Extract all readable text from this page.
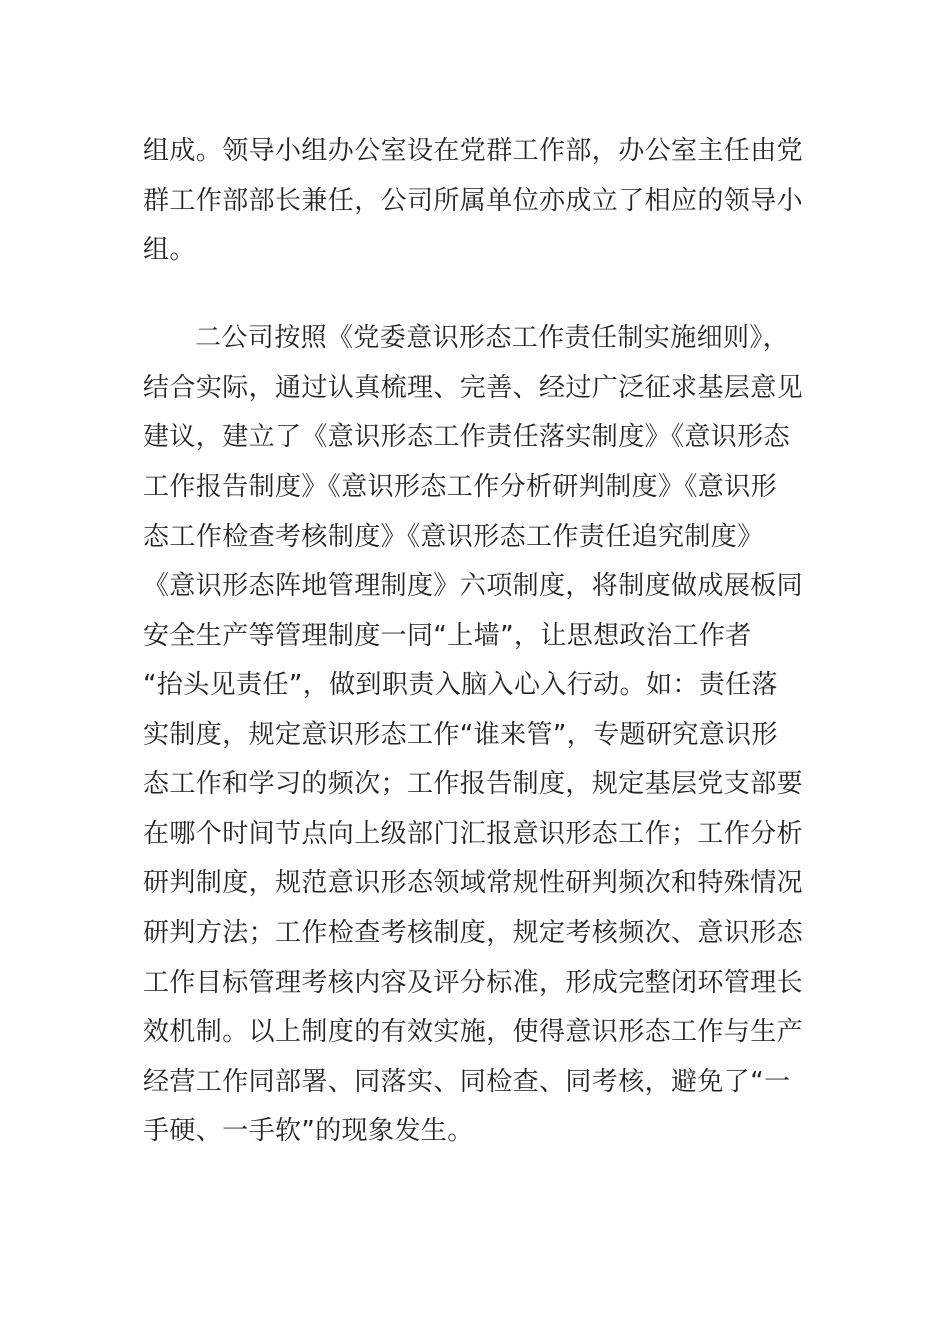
组成。领导小组办公室设在党群工作部，办公室主任由党
群工作部部长兼任，公司所属单位亦成立了相应的领导小
组。
二公司按照《党委意识形态工作责任制实施细则》，
结合实际，通过认真梳理、完善、经过广泛征求基层意见
建议，建立了《意识形态工作责任落实制度》《意识形态
工作报告制度》《意识形态工作分析研判制度》《意识形
态工作检查考核制度》《意识形态工作责任追究制度》
《意识形态阵地管理制度》六项制度，将制度做成展板同
安全生产等管理制度一同“上墙”，让思想政治工作者
“抬头见责任”，做到职责入脑入心入行动。如：责任落
实制度，规定意识形态工作“谁来管”，专题研究意识形
态工作和学习的频次；工作报告制度，规定基层党支部要
在哪个时间节点向上级部门汇报意识形态工作；工作分析
研判制度，规范意识形态领域常规性研判频次和特殊情况
研判方法；工作检查考核制度，规定考核频次、意识形态
工作目标管理考核内容及评分标准，形成完整闭环管理长
效机制。以上制度的有效实施，使得意识形态工作与生产
经营工作同部署、同落实、同检查、同考核，避免了“一
手硬、一手软”的现象发生。
